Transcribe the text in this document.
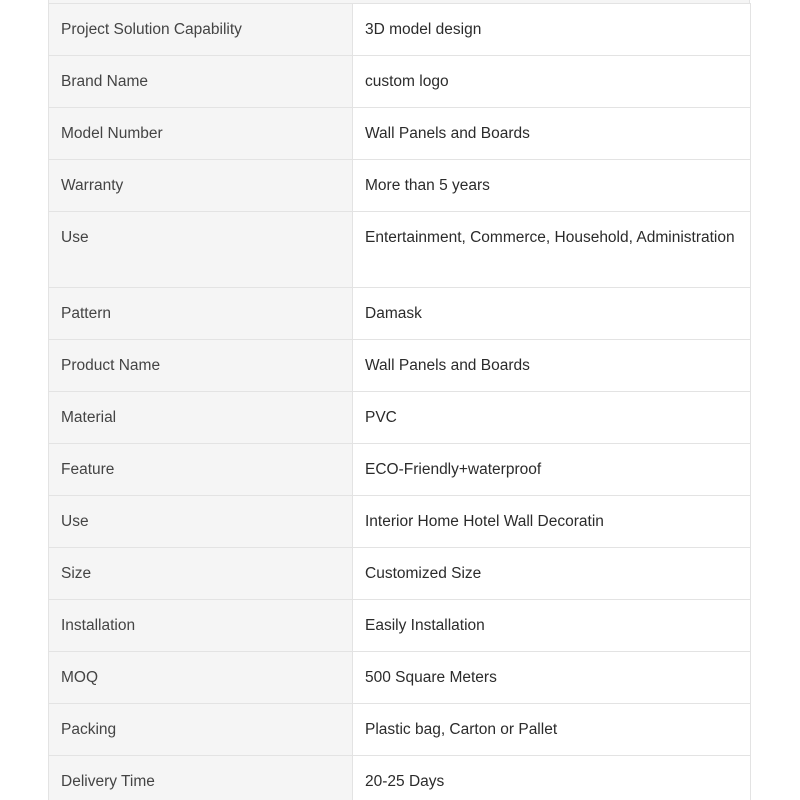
Project Solution Capability	3D model design
Brand Name	custom logo
Model Number	Wall Panels and Boards
Warranty	More than 5 years
Use	Entertainment, Commerce, Household, Administration
Pattern	Damask
Product Name	Wall Panels and Boards
Material	PVC
Feature	ECO-Friendly+waterproof
Use	Interior Home Hotel Wall Decoratin
Size	Customized Size
Installation	Easily Installation
MOQ	500 Square Meters
Packing	Plastic bag, Carton or Pallet
Delivery Time	20-25 Days
